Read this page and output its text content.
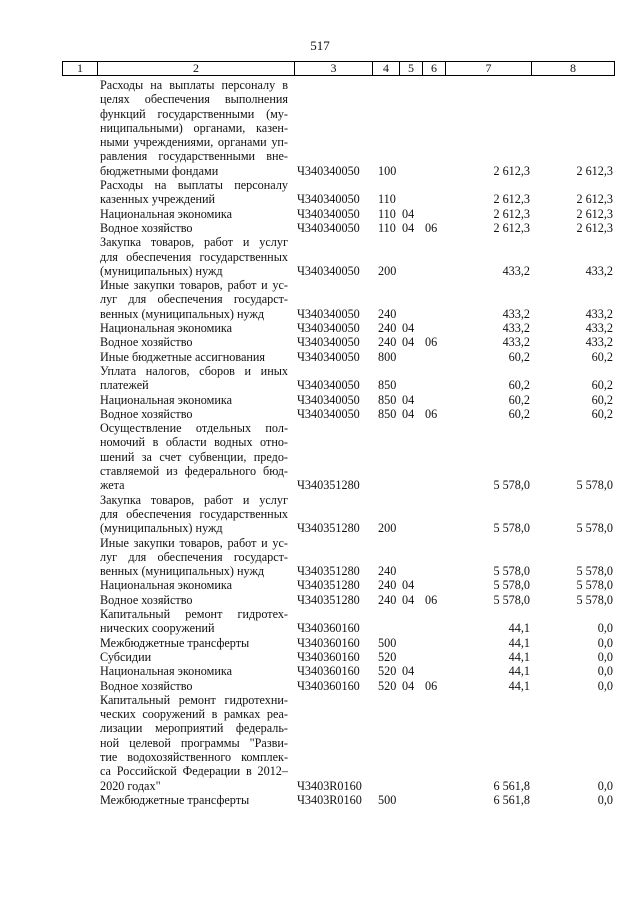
517
1	2	3	4	5	6	7	8
Расходы на выплаты персоналу в
целях обеспечения выполнения
функций государственными (му-
ниципальными) органами, казен-
ными учреждениями, органами уп-
равления государственными вне-
бюджетными фондами	Ч340340050 100	2 612,3	2 612,3
Расходы на выплаты персоналу
казенных учреждений	Ч340340050 110	2 612,3	2 612,3
Национальная экономика	Ч340340050 110 04	2 612,3	2 612,3
Водное хозяйство	Ч340340050 110 04 06	2 612,3	2 612,3
Закупка товаров, работ и услуг
для обеспечения государственных
(муниципальных) нужд	Ч340340050 200	433,2	433,2
Иные закупки товаров, работ и ус-
луг для обеспечения государст-
венных (муниципальных) нужд	Ч340340050 240	433,2	433,2
Национальная экономика	Ч340340050 240 04	433,2	433,2
Водное хозяйство	Ч340340050 240 04 06	433,2	433,2
Иные бюджетные ассигнования	Ч340340050 800	60,2	60,2
Уплата налогов, сборов и иных
платежей	Ч340340050 850	60,2	60,2
Национальная экономика	Ч340340050 850 04	60,2	60,2
Водное хозяйство	Ч340340050 850 04 06	60,2	60,2
Осуществление отдельных пол-
номочий в области водных отно-
шений за счет субвенции, предо-
ставляемой из федерального бюд-
жета	Ч340351280	5 578,0	5 578,0
Закупка товаров, работ и услуг
для обеспечения государственных
(муниципальных) нужд	Ч340351280 200	5 578,0	5 578,0
Иные закупки товаров, работ и ус-
луг для обеспечения государст-
венных (муниципальных) нужд	Ч340351280 240	5 578,0	5 578,0
Национальная экономика	Ч340351280 240 04	5 578,0	5 578,0
Водное хозяйство	Ч340351280 240 04 06	5 578,0	5 578,0
Капитальный ремонт гидротех-
нических сооружений	Ч340360160	44,1	0,0
Межбюджетные трансферты	Ч340360160 500	44,1	0,0
Субсидии	Ч340360160 520	44,1	0,0
Национальная экономика	Ч340360160 520 04	44,1	0,0
Водное хозяйство	Ч340360160 520 04 06	44,1	0,0
Капитальный ремонт гидротехни-
ческих сооружений в рамках реа-
лизации мероприятий федераль-
ной целевой программы "Разви-
тие водохозяйственного комплек-
са Российской Федерации в 2012–
2020 годах"	Ч3403R0160	6 561,8	0,0
Межбюджетные трансферты	Ч3403R0160 500	6 561,8	0,0
